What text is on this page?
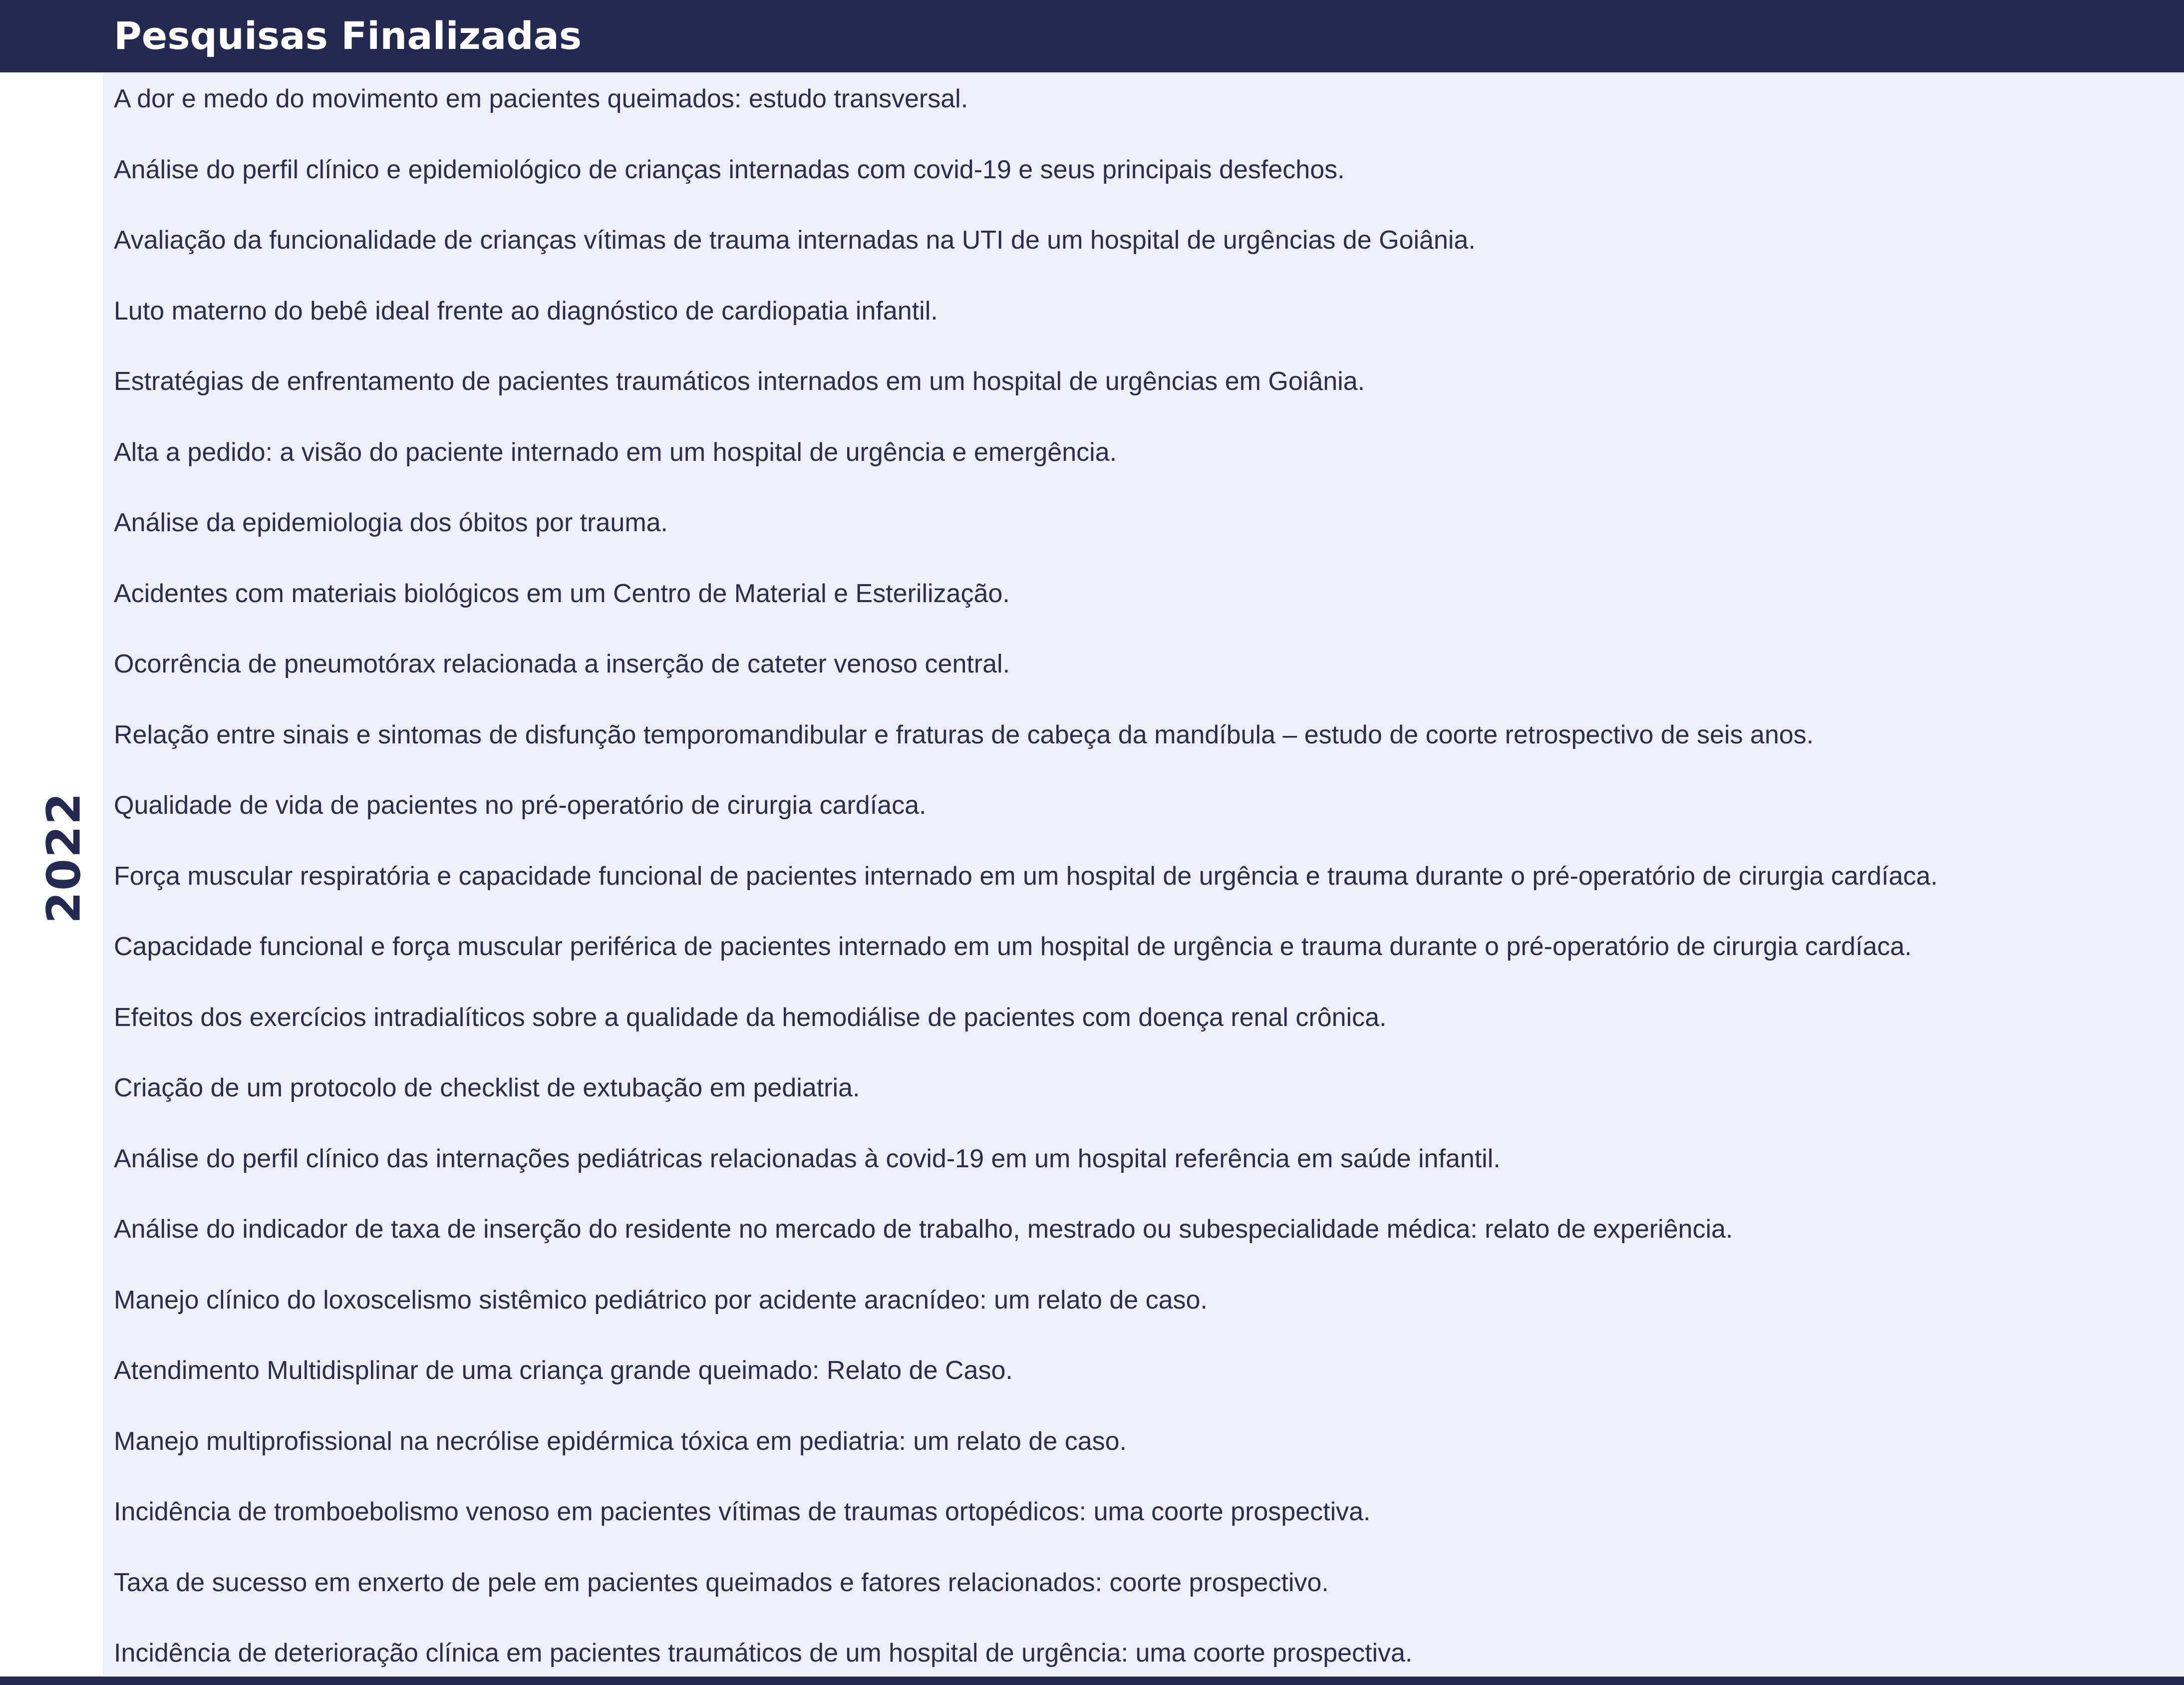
Pesquisas Finalizadas
2022
A dor e medo do movimento em pacientes queimados: estudo transversal.
Análise do perfil clínico e epidemiológico de crianças internadas com covid-19 e seus principais desfechos.
Avaliação da funcionalidade de crianças vítimas de trauma internadas na UTI de um hospital de urgências de Goiânia.
Luto materno do bebê ideal frente ao diagnóstico de cardiopatia infantil.
Estratégias de enfrentamento de pacientes traumáticos internados em um hospital de urgências em Goiânia.
Alta a pedido: a visão do paciente internado em um hospital de urgência e emergência.
Análise da epidemiologia dos óbitos por trauma.
Acidentes com materiais biológicos em um Centro de Material e Esterilização.
Ocorrência de pneumotórax relacionada a inserção de cateter venoso central.
Relação entre sinais e sintomas de disfunção temporomandibular e fraturas de cabeça da mandíbula – estudo de coorte retrospectivo de seis anos.
Qualidade de vida de pacientes no pré-operatório de cirurgia cardíaca.
Força muscular respiratória e capacidade funcional de pacientes internado em um hospital de urgência e trauma durante o pré-operatório de cirurgia cardíaca.
Capacidade funcional e força muscular periférica de pacientes internado em um hospital de urgência e trauma durante o pré-operatório de cirurgia cardíaca.
Efeitos dos exercícios intradialíticos sobre a qualidade da hemodiálise de pacientes com doença renal crônica.
Criação de um protocolo de checklist de extubação em pediatria.
Análise do perfil clínico das internações pediátricas relacionadas à covid-19 em um hospital referência em saúde infantil.
Análise do indicador de taxa de inserção do residente no mercado de trabalho, mestrado ou subespecialidade médica: relato de experiência.
Manejo clínico do loxoscelismo sistêmico pediátrico por acidente aracnídeo: um relato de caso.
Atendimento Multidisplinar de uma criança grande queimado: Relato de Caso.
Manejo multiprofissional na necrólise epidérmica tóxica em pediatria: um relato de caso.
Incidência de tromboebolismo venoso em pacientes vítimas de traumas ortopédicos: uma coorte prospectiva.
Taxa de sucesso em enxerto de pele em pacientes queimados e fatores relacionados: coorte prospectivo.
Incidência de deterioração clínica em pacientes traumáticos de um hospital de urgência: uma coorte prospectiva.
